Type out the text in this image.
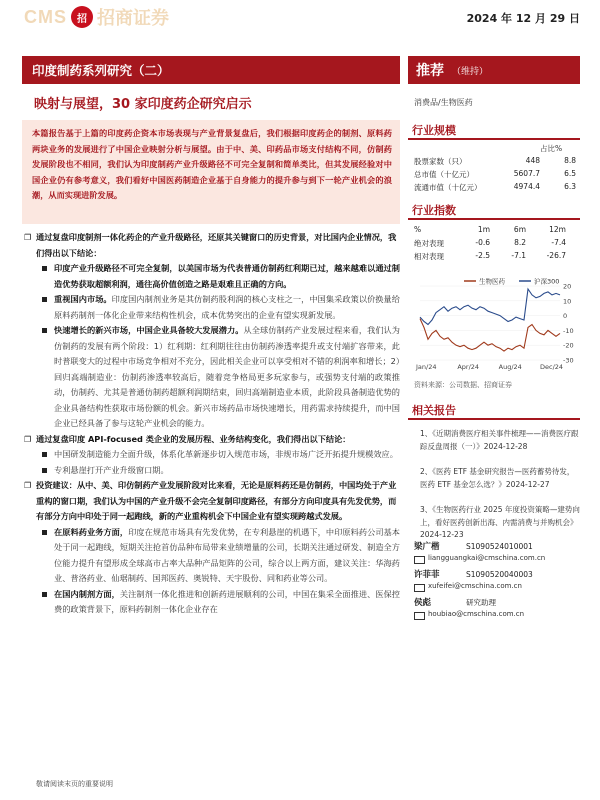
CMS	招 招商证券	2024 年 12 月 29 日
印度制药系列研究（二）	推荐 （维持）
映射与展望，30 家印度药企研究启示	消费品/生物医药
本篇报告基于上篇的印度药企资本市场表现与产业背景复盘后，我们根据印度药企的制剂、原料药两块业务的发展进行了中国企业映射分析与展望。由于中、美、印药品市场支付结构不同，仿制药发展阶段也不相同，我们认为印度制药产业升级路径不可完全复制和简单类比，但其发展经验对中国企业仍有参考意义，我们看好中国医药制造企业基于自身能力的提升参与到下一轮产业机会的浪潮，从而实现进阶发展。
❐ 通过复盘印度制剂一体化药企的产业升级路径，还原其关键窗口的历史背景，对比国内企业情况，我们得出以下结论：
印度产业升级路径不可完全复制，以美国市场为代表普通仿制药红利期已过，越来越难以通过制造优势获取超额利润，通往高价值创造之路是艰难且正确的方向。
重视国内市场。印度国内制剂业务是其仿制药股利润的核心支柱之一，中国集采政策以价换量给原料药制剂一体化企业带来结构性机会，成本优势突出的企业有望实现新发展。
快速增长的新兴市场，中国企业具备较大发展潜力。从全球仿制药产业发展过程来看，我们认为仿制药的发展有两个阶段：1）红利期：红利期往往由仿制药渗透率提升或支付端扩容带来，此时普联变大的过程中市场竞争相对不充分，因此相关企业可以享受相对不错的利润率和增长；2）回归高端制造业：仿制药渗透率较高后，随着竞争格局更多玩家参与，或强势支付端的政策推动，仿制药、尤其是普通仿制药超额利润期结束，回归高端制造业本质，此阶段具备制造优势的企业具备结构性获取市场份额的机会。新兴市场药品市场快速增长，用药需求持续提升，而中国企业已经具备了参与这轮产业机会的能力。
❐ 通过复盘印度 API-focused 类企业的发展历程、业务结构变化，我们得出以下结论：
中国研发制造能力全面升级，体系化革新逐步切入规范市场，非规市场广泛开拓提升规模效应。
专利悬崖打开产业升级窗口期。
❐ 投资建议：从中、美、印仿制药产业发展阶段对比来看，无论是原料药还是仿制药，中国均处于产业重构的窗口期，我们认为中国的产业升级不会完全复制印度路径，有部分方向印度具有先发优势，而有部分方向中印处于同一起跑线，新的产业重构机会下中国企业有望实现跨越式发展。
在原料药业务方面，印度在规范市场具有先发优势，在专利悬崖的机遇下，中印原料药公司基本处于同一起跑线，短期关注抢首仿品种布局带来业绩增量的公司，长期关注通过研发、制造全方位能力提升有望形成全球高市占率大品种产品矩阵的公司，综合以上两方面，建议关注：华海药业、普洛药业、仙琚制药、国邦医药、奥锐特、天宇股份、同和药业等公司。
在国内制剂方面，关注制剂一体化推进和创新药进展顺利的公司，中国在集采全面推进、医保控费的政策背景下，原料药制剂一体化企业存在
行业规模
占比%
股票家数（只）	448	8.8
总市值（十亿元）	5607.7	6.5
流通市值（十亿元）	4974.4	6.3
行业指数
%	1m	6m	12m
绝对表现	-0.6	8.2	-7.4
相对表现	-2.5	-7.1	-26.7
20
10
0
-10
-20
-30
Jan/24	Apr/24	Aug/24	Dec/24
生物医药	沪深300
资料来源：公司数据、招商证券
相关报告
1、《近期消费医疗相关事件梳理——消费医疗跟踪反盘周报（一）》2024-12-28
2、《医药 ETF 基金研究报告—医药蓄势待发，医药 ETF 基金怎么选？》2024-12-27
3、《生物医药行业 2025 年度投资策略—建势向上，看好医药创新出海、内需消费与并购机会》2024-12-23
梁广楷	S1090524010001
liangguangkai@cmschina.com.cn
许菲菲	S1090520040003
xufeifei@cmschina.com.cn
侯彪	研究助理
houbiao@cmschina.com.cn
敬请阅读末页的重要说明
